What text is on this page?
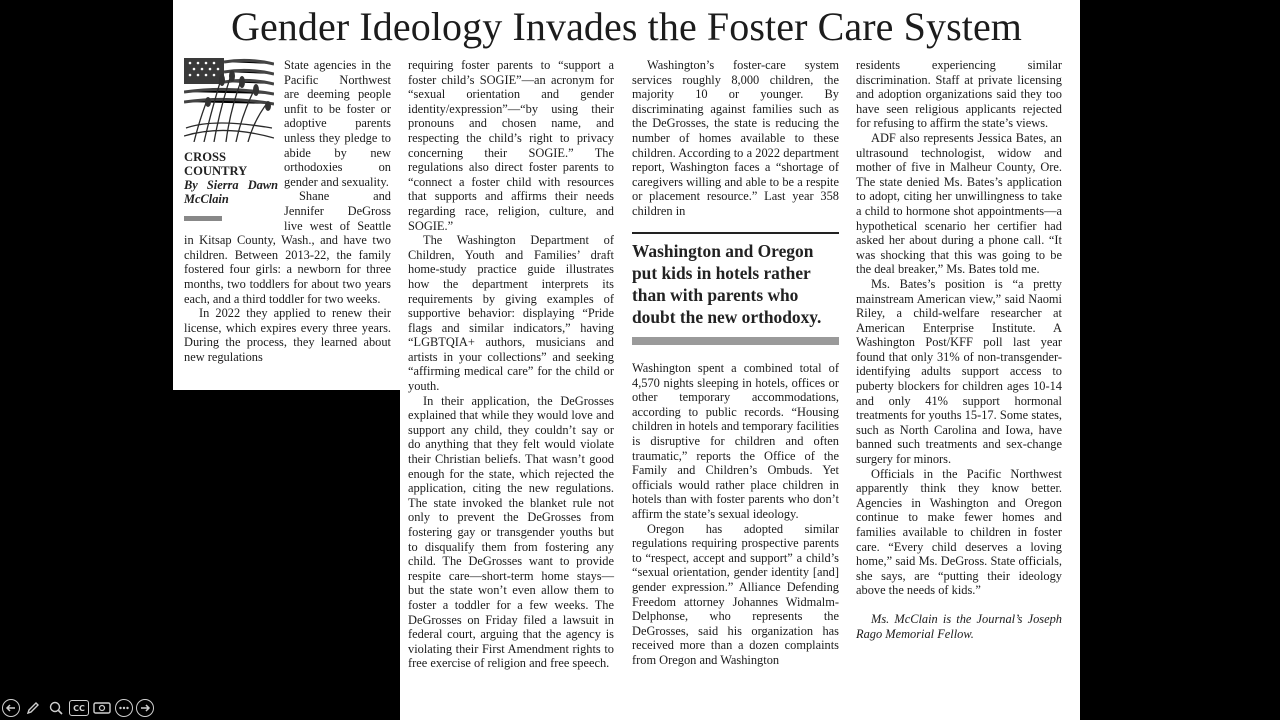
Gender Ideology Invades the Foster Care System
CROSS COUNTRY
By Sierra Dawn McClain

State agencies in the Pacific Northwest are deeming people unfit to be foster or adoptive parents unless they pledge to abide by new orthodoxies on gender and sexuality.

Shane and Jennifer DeGross live west of Seattle in Kitsap County, Wash., and have two children. Between 2013-22, the family fostered four girls: a newborn for three months, two toddlers for about two years each, and a third toddler for two weeks.

In 2022 they applied to renew their license, which expires every three years. During the process, they learned about new regulations

requiring foster parents to “support a foster child’s SOGIE”—an acronym for “sexual orientation and gender identity/expression”—“by using their pronouns and chosen name, and respecting the child’s right to privacy concerning their SOGIE.” The regulations also direct foster parents to “connect a foster child with resources that supports and affirms their needs regarding race, religion, culture, and SOGIE.”

The Washington Department of Children, Youth and Families’ draft home-study practice guide illustrates how the department interprets its requirements by giving examples of supportive behavior: displaying “Pride flags and similar indicators,” having “LGBTQIA+ authors, musicians and artists in your collections” and seeking “affirming medical care” for the child or youth.

In their application, the DeGrosses explained that while they would love and support any child, they couldn’t say or do anything that they felt would violate their Christian beliefs. That wasn’t good enough for the state, which rejected the application, citing the new regulations. The state invoked the blanket rule not only to prevent the DeGrosses from fostering gay or transgender youths but to disqualify them from fostering any child. The DeGrosses want to provide respite care—short-term home stays—but the state won’t even allow them to foster a toddler for a few weeks. The DeGrosses on Friday filed a lawsuit in federal court, arguing that the agency is violating their First Amendment rights to free exercise of religion and free speech.

Washington’s foster-care system services roughly 8,000 children, the majority 10 or younger. By discriminating against families such as the DeGrosses, the state is reducing the number of homes available to these children. According to a 2022 department report, Washington faces a “shortage of caregivers willing and able to be a respite or placement resource.” Last year 358 children in

Washington and Oregon put kids in hotels rather than with parents who doubt the new orthodoxy.

Washington spent a combined total of 4,570 nights sleeping in hotels, offices or other temporary accommodations, according to public records. “Housing children in hotels and temporary facilities is disruptive for children and often traumatic,” reports the Office of the Family and Children’s Ombuds. Yet officials would rather place children in hotels than with foster parents who don’t affirm the state’s sexual ideology.

Oregon has adopted similar regulations requiring prospective parents to “respect, accept and support” a child’s “sexual orientation, gender identity [and] gender expression.” Alliance Defending Freedom attorney Johannes Widmalm-Delphonse, who represents the DeGrosses, said his organization has received more than a dozen complaints from Oregon and Washington

residents experiencing similar discrimination. Staff at private licensing and adoption organizations said they too have seen religious applicants rejected for refusing to affirm the state’s views.

ADF also represents Jessica Bates, an ultrasound technologist, widow and mother of five in Malheur County, Ore. The state denied Ms. Bates’s application to adopt, citing her unwillingness to take a child to hormone shot appointments—a hypothetical scenario her certifier had asked her about during a phone call. “It was shocking that this was going to be the deal breaker,” Ms. Bates told me.

Ms. Bates’s position is “a pretty mainstream American view,” said Naomi Riley, a child-welfare researcher at American Enterprise Institute. A Washington Post/KFF poll last year found that only 31% of non-transgender-identifying adults support access to puberty blockers for children ages 10-14 and only 41% support hormonal treatments for youths 15-17. Some states, such as North Carolina and Iowa, have banned such treatments and sex-change surgery for minors.

Officials in the Pacific Northwest apparently think they know better. Agencies in Washington and Oregon continue to make fewer homes and families available to children in foster care. “Every child deserves a loving home,” said Ms. DeGross. State officials, she says, are “putting their ideology above the needs of kids.”

Ms. McClain is the Journal’s Joseph Rago Memorial Fellow.

CC
